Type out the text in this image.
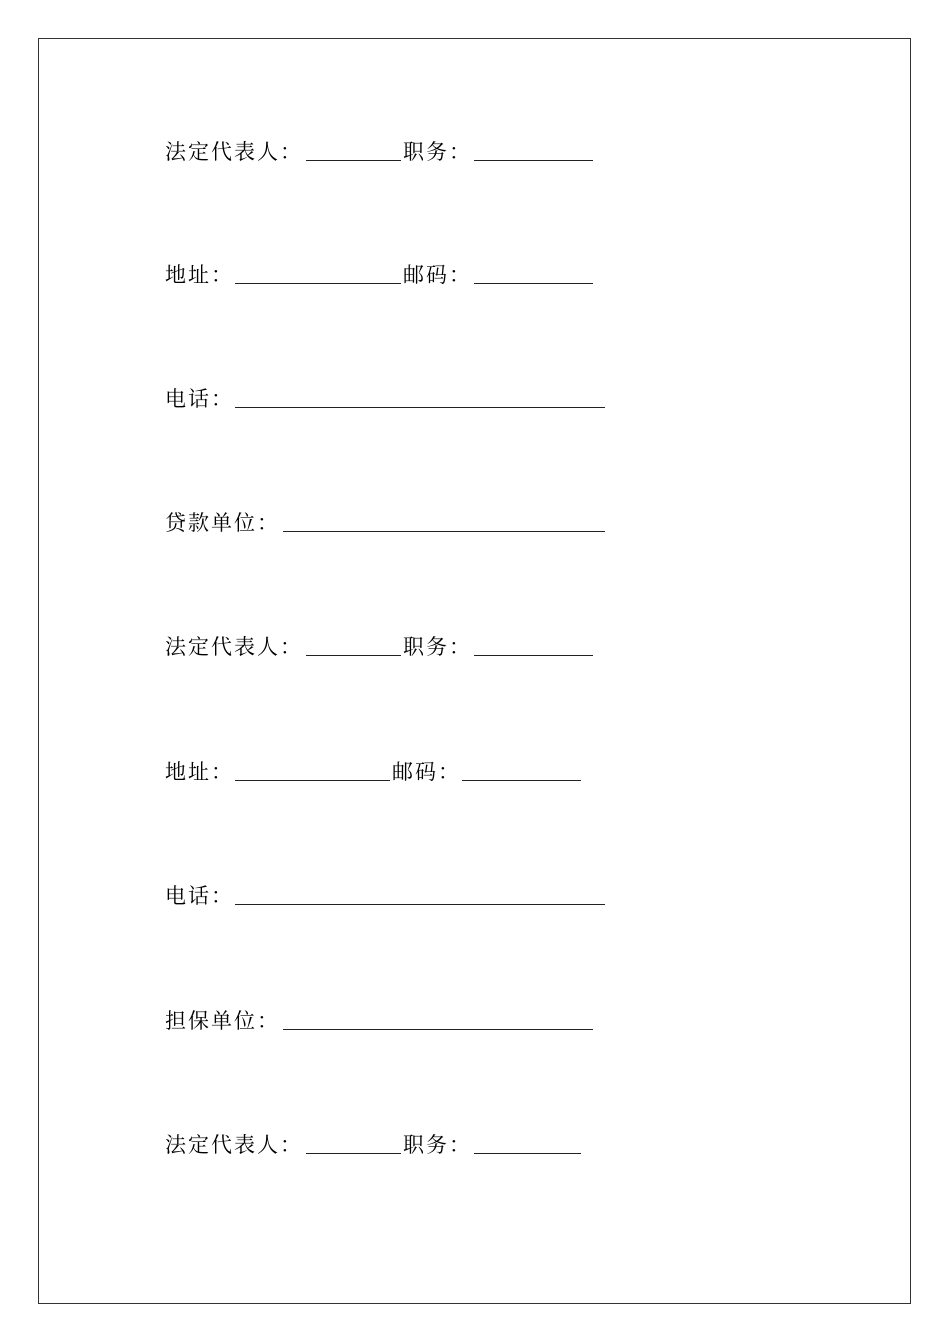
法定代表人：	职务：
地址：	邮码：
电话：
贷款单位：
法定代表人：	职务：
地址：	邮码：
电话：
担保单位：
法定代表人：	职务：
